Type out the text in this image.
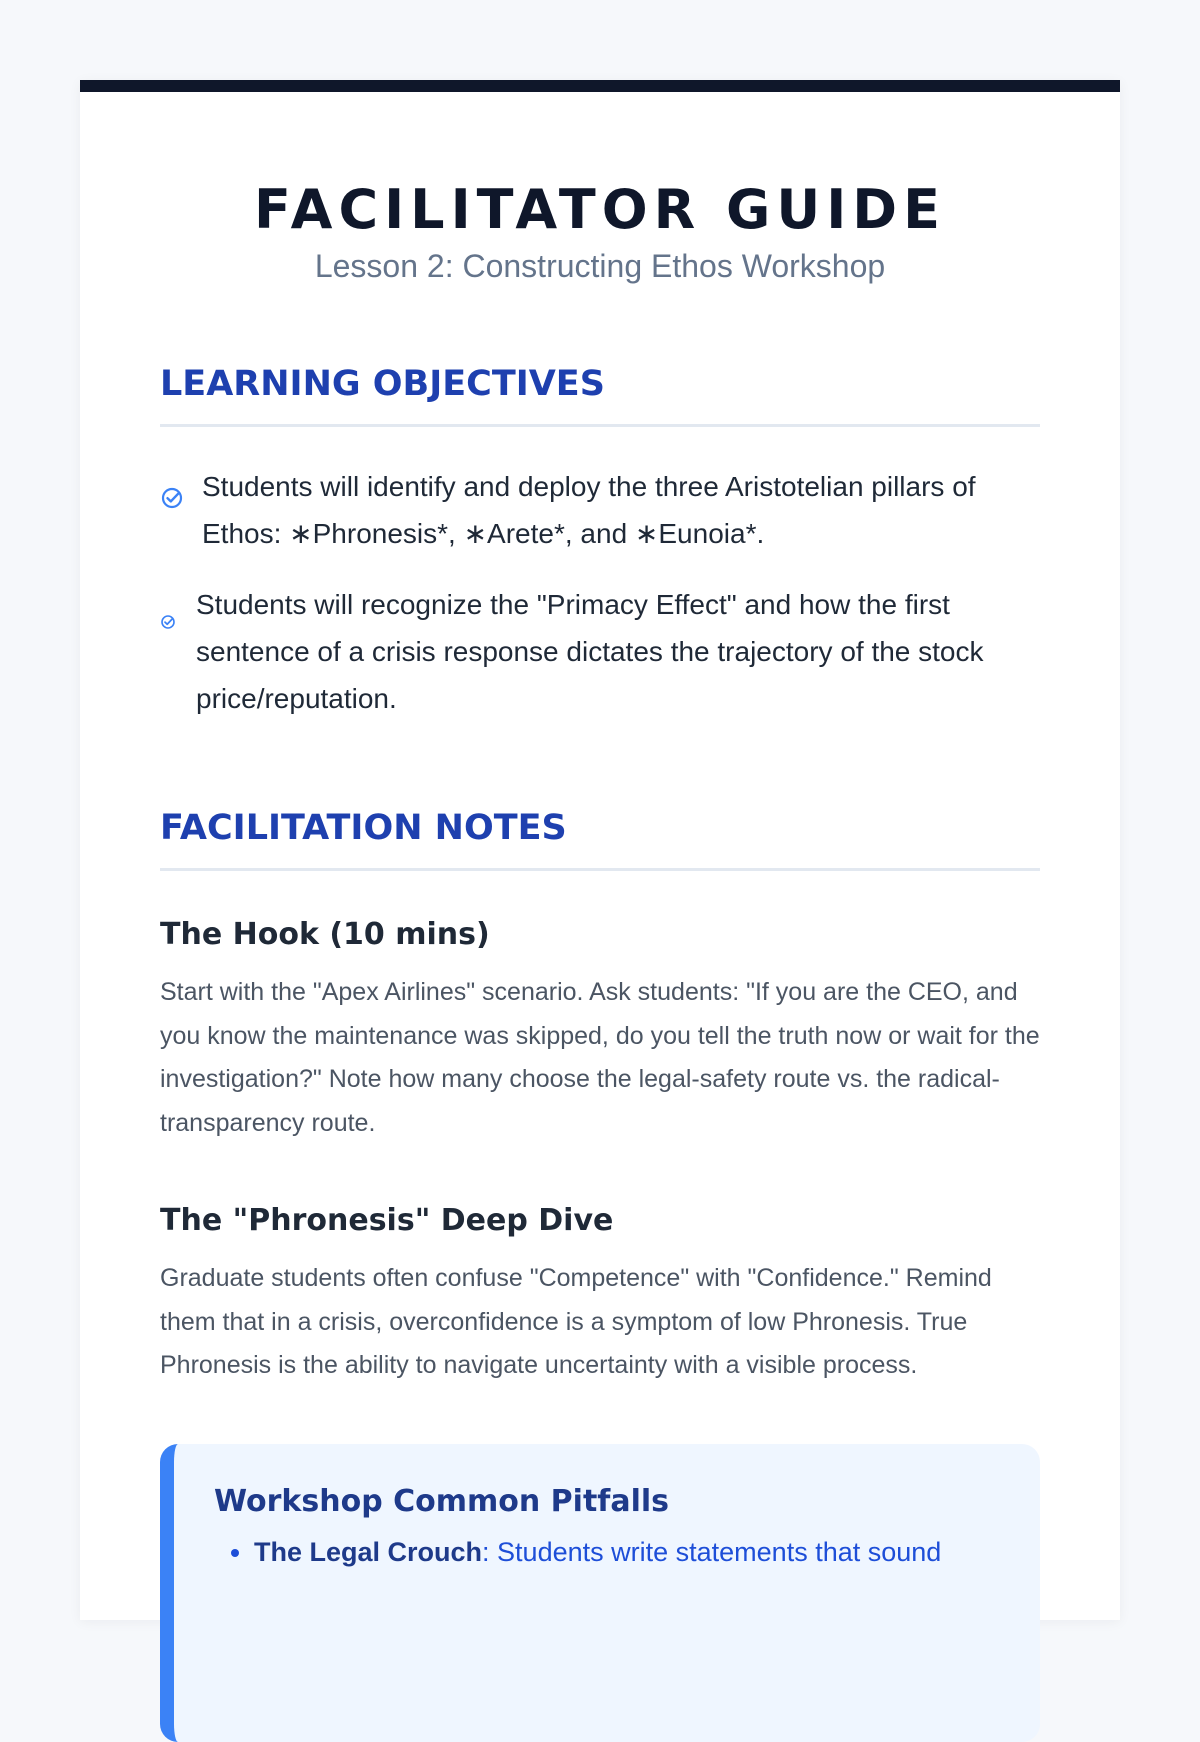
FACILITATOR GUIDE
Lesson 2: Constructing Ethos Workshop
LEARNING OBJECTIVES
Students will identify and deploy the three Aristotelian pillars of Ethos: ∗Phronesis*, ∗Arete*, and ∗Eunoia*.
Students will recognize the "Primacy Effect" and how the first sentence of a crisis response dictates the trajectory of the stock price/reputation.
FACILITATION NOTES
The Hook (10 mins)

Start with the "Apex Airlines" scenario. Ask students: "If you are the CEO, and you know the maintenance was skipped, do you tell the truth now or wait for the investigation?" Note how many choose the legal-safety route vs. the radical-transparency route.

The "Phronesis" Deep Dive

Graduate students often confuse "Competence" with "Confidence." Remind them that in a crisis, overconfidence is a symptom of low Phronesis. True Phronesis is the ability to navigate uncertainty with a visible process.

Workshop Common Pitfalls
• The Legal Crouch: Students write statements that sound
